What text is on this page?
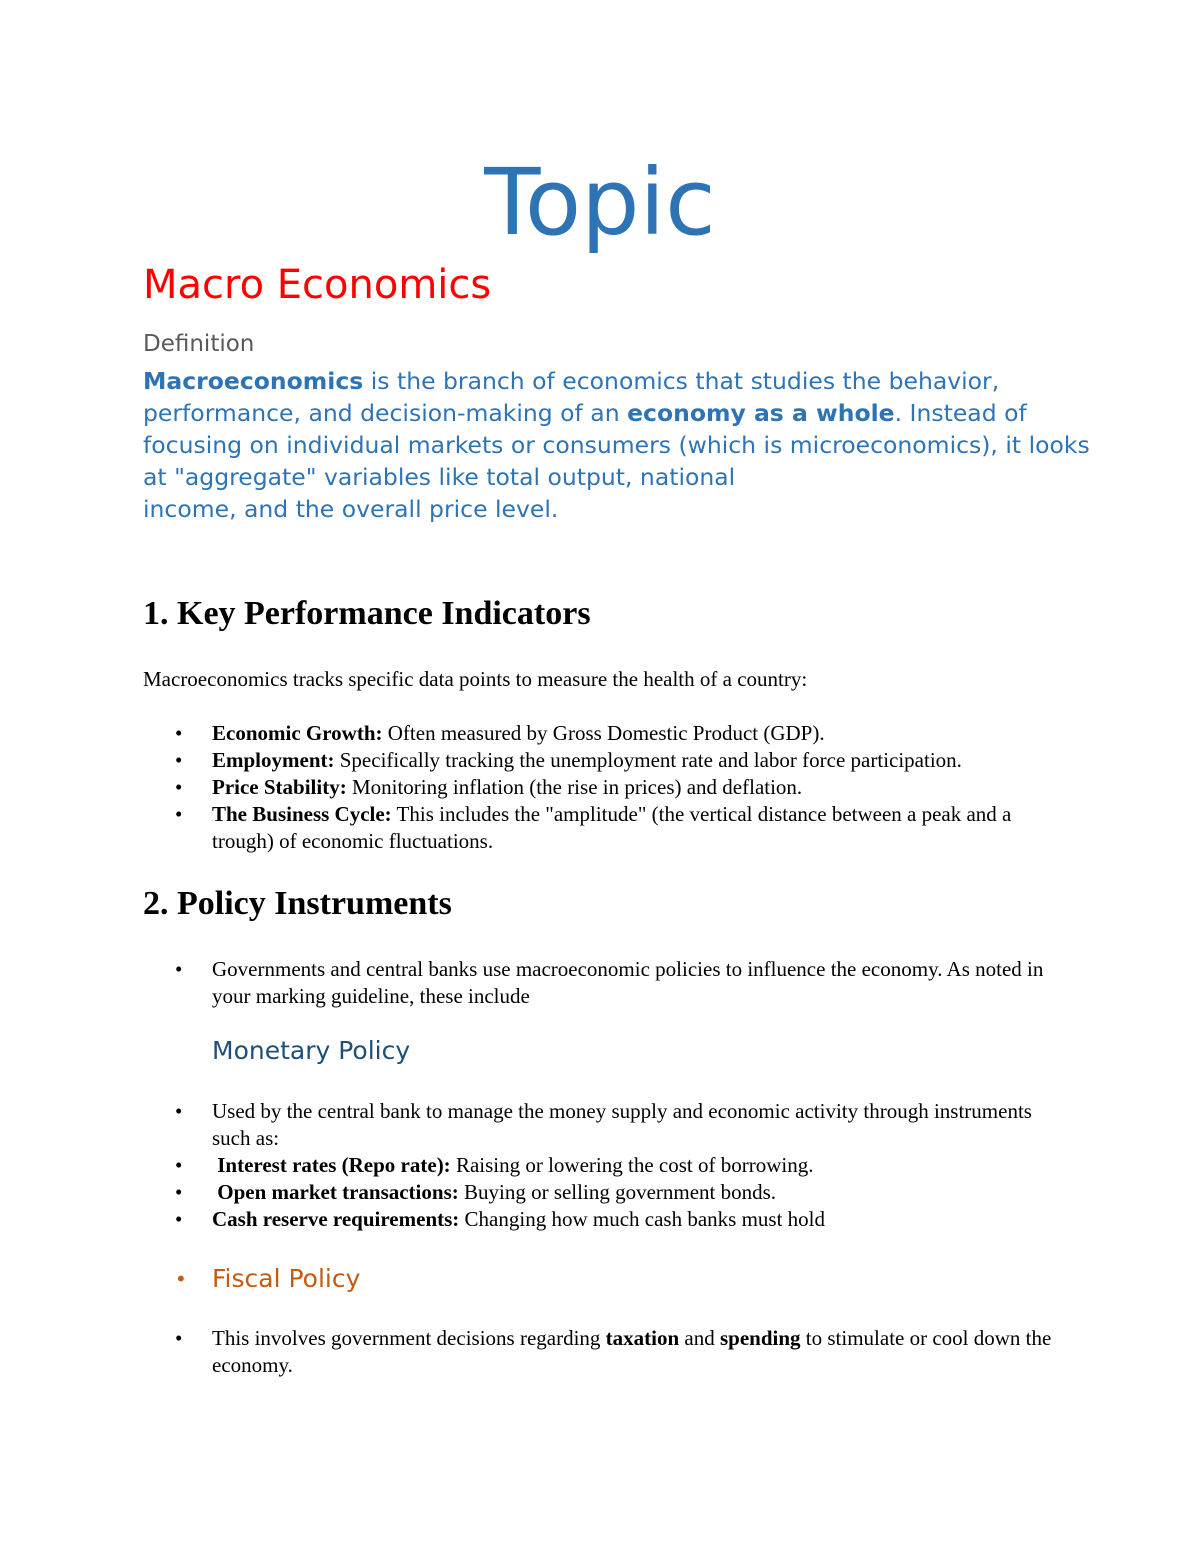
Topic
Macro Economics
Definition
Macroeconomics is the branch of economics that studies the behavior, performance, and decision-making of an economy as a whole. Instead of focusing on individual markets or consumers (which is microeconomics), it looks at "aggregate" variables like total output, national
income, and the overall price level.
1. Key Performance Indicators

Macroeconomics tracks specific data points to measure the health of a country:

• Economic Growth: Often measured by Gross Domestic Product (GDP).
• Employment: Specifically tracking the unemployment rate and labor force participation.
• Price Stability: Monitoring inflation (the rise in prices) and deflation.
• The Business Cycle: This includes the "amplitude" (the vertical distance between a peak and a trough) of economic fluctuations.
2. Policy Instruments
• Governments and central banks use macroeconomic policies to influence the economy. As noted in your marking guideline, these include
Monetary Policy
• Used by the central bank to manage the money supply and economic activity through instruments such as:
• Interest rates (Repo rate): Raising or lowering the cost of borrowing.
• Open market transactions: Buying or selling government bonds.
• Cash reserve requirements: Changing how much cash banks must hold
• Fiscal Policy
• This involves government decisions regarding taxation and spending to stimulate or cool down the economy.
